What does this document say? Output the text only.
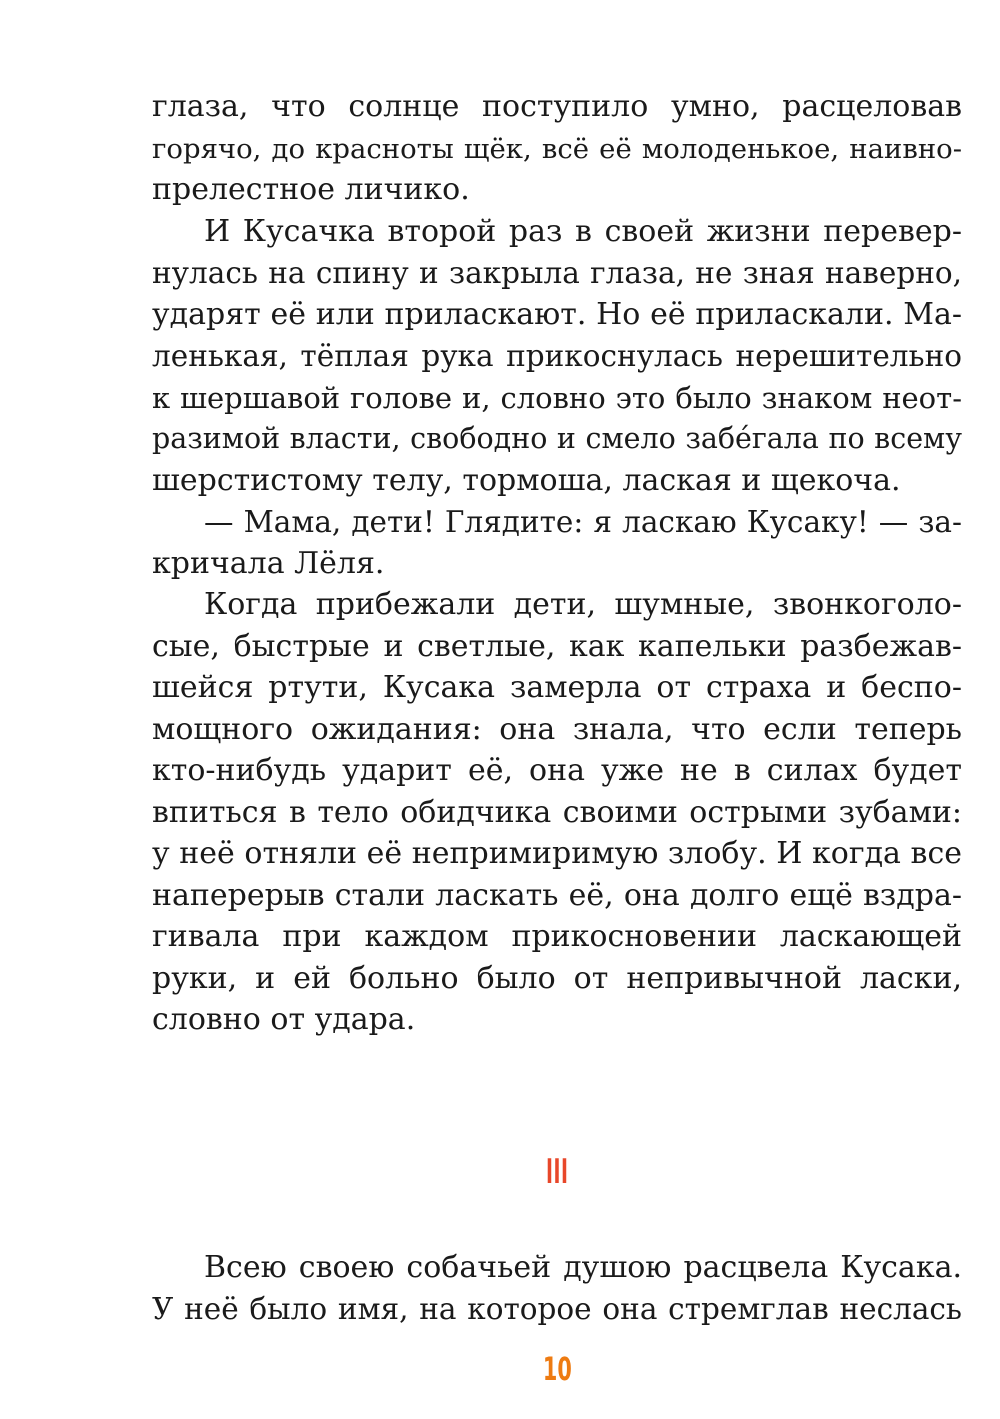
глаза, что солнце поступило умно, расцеловав
горячо, до красноты щёк, всё её молоденькое, наивно-
прелестное личико.
И Кусачка второй раз в своей жизни перевер-
нулась на спину и закрыла глаза, не зная наверно,
ударят её или приласкают. Но её приласкали. Ма-
ленькая, тёплая рука прикоснулась нерешительно
к шершавой голове и, словно это было знаком неот-
разимой власти, свободно и смело забе́гала по всему
шерстистому телу, тормоша, лаская и щекоча.
— Мама, дети! Глядите: я ласкаю Кусаку! — за-
кричала Лёля.
Когда прибежали дети, шумные, звонкоголо-
сые, быстрые и светлые, как капельки разбежав-
шейся ртути, Кусака замерла от страха и беспо-
мощного ожидания: она знала, что если теперь
кто-нибудь ударит её, она уже не в силах будет
впиться в тело обидчика своими острыми зубами:
у неё отняли её непримиримую злобу. И когда все
наперерыв стали ласкать её, она долго ещё вздра-
гивала при каждом прикосновении ласкающей
руки, и ей больно было от непривычной ласки,
словно от удара.
III
Всею своею собачьей душою расцвела Кусака.
У неё было имя, на которое она стремглав неслась
10
